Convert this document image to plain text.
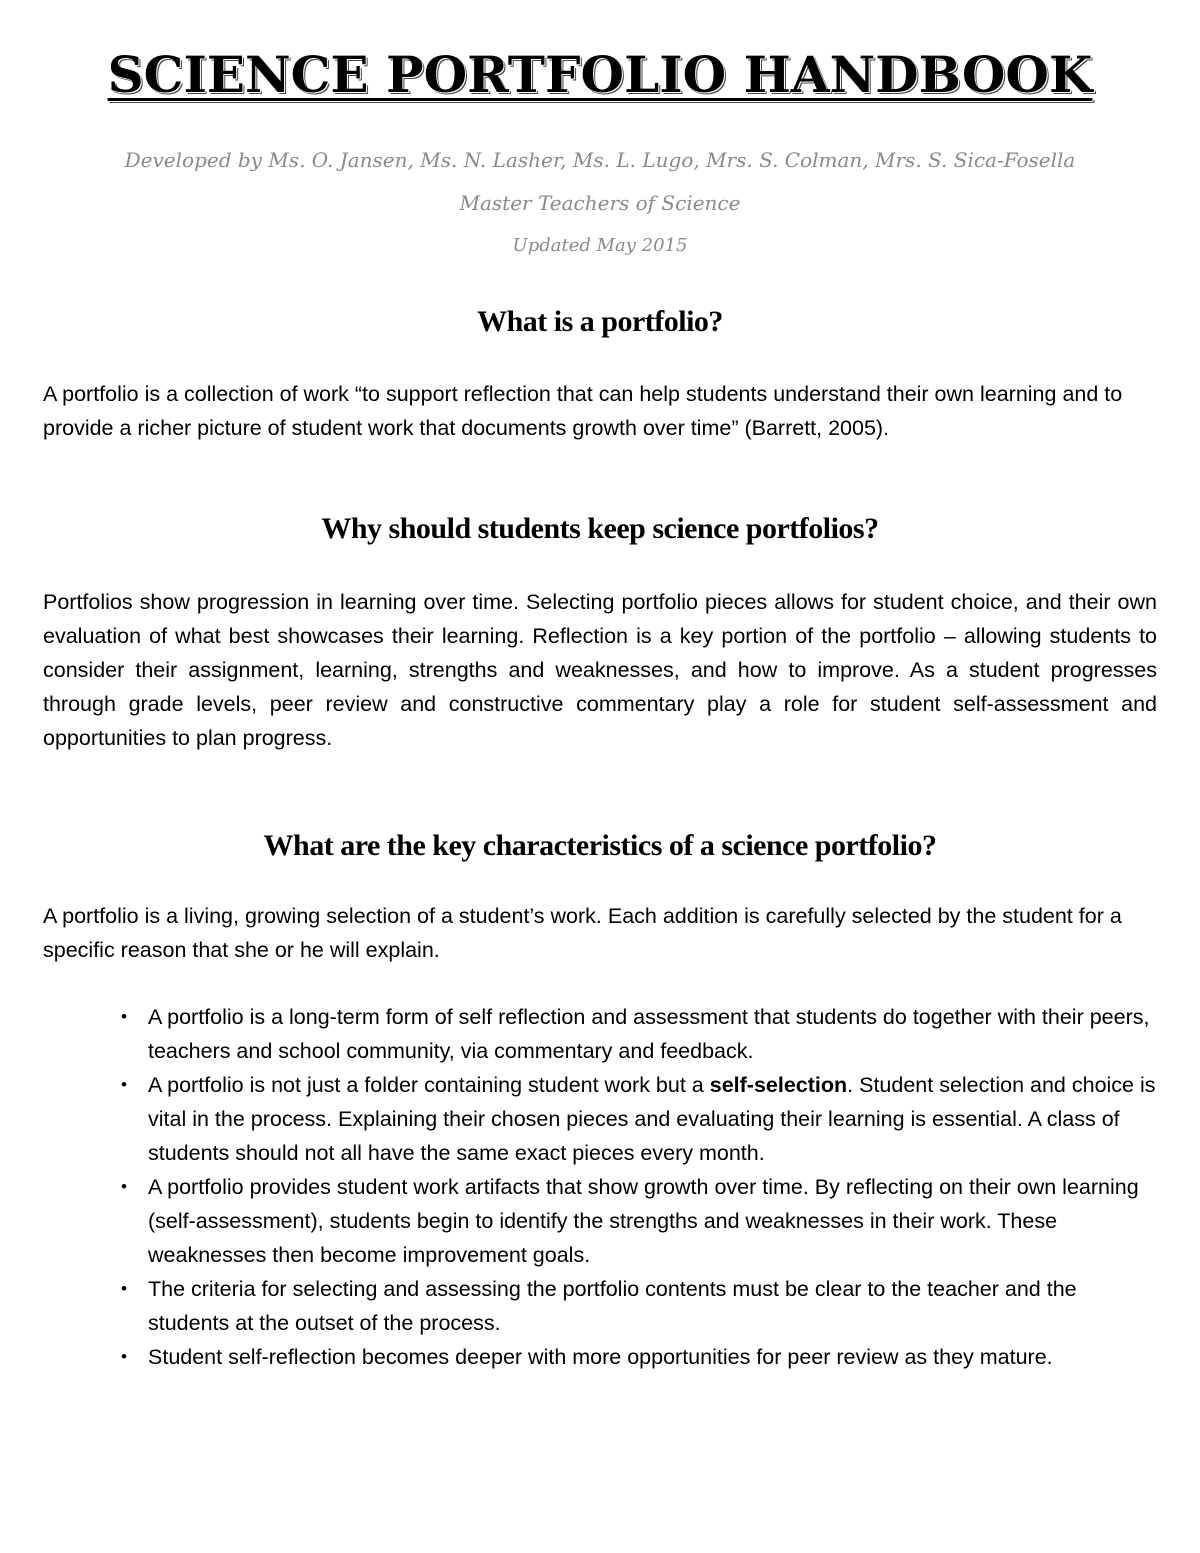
SCIENCE PORTFOLIO HANDBOOK

Developed by Ms. O. Jansen, Ms. N. Lasher, Ms. L. Lugo, Mrs. S. Colman, Mrs. S. Sica-Fosella

Master Teachers of Science

Updated May 2015

What is a portfolio?

A portfolio is a collection of work “to support reflection that can help students understand their own learning and to provide a richer picture of student work that documents growth over time” (Barrett, 2005).

Why should students keep science portfolios?

Portfolios show progression in learning over time. Selecting portfolio pieces allows for student choice, and their own evaluation of what best showcases their learning. Reflection is a key portion of the portfolio – allowing students to consider their assignment, learning, strengths and weaknesses, and how to improve. As a student progresses through grade levels, peer review and constructive commentary play a role for student self-assessment and opportunities to plan progress.

What are the key characteristics of a science portfolio?

A portfolio is a living, growing selection of a student’s work. Each addition is carefully selected by the student for a specific reason that she or he will explain.

• A portfolio is a long-term form of self reflection and assessment that students do together with their peers, teachers and school community, via commentary and feedback.
• A portfolio is not just a folder containing student work but a self-selection. Student selection and choice is vital in the process. Explaining their chosen pieces and evaluating their learning is essential. A class of students should not all have the same exact pieces every month.
• A portfolio provides student work artifacts that show growth over time. By reflecting on their own learning (self-assessment), students begin to identify the strengths and weaknesses in their work. These weaknesses then become improvement goals.
• The criteria for selecting and assessing the portfolio contents must be clear to the teacher and the students at the outset of the process.
• Student self-reflection becomes deeper with more opportunities for peer review as they mature.
